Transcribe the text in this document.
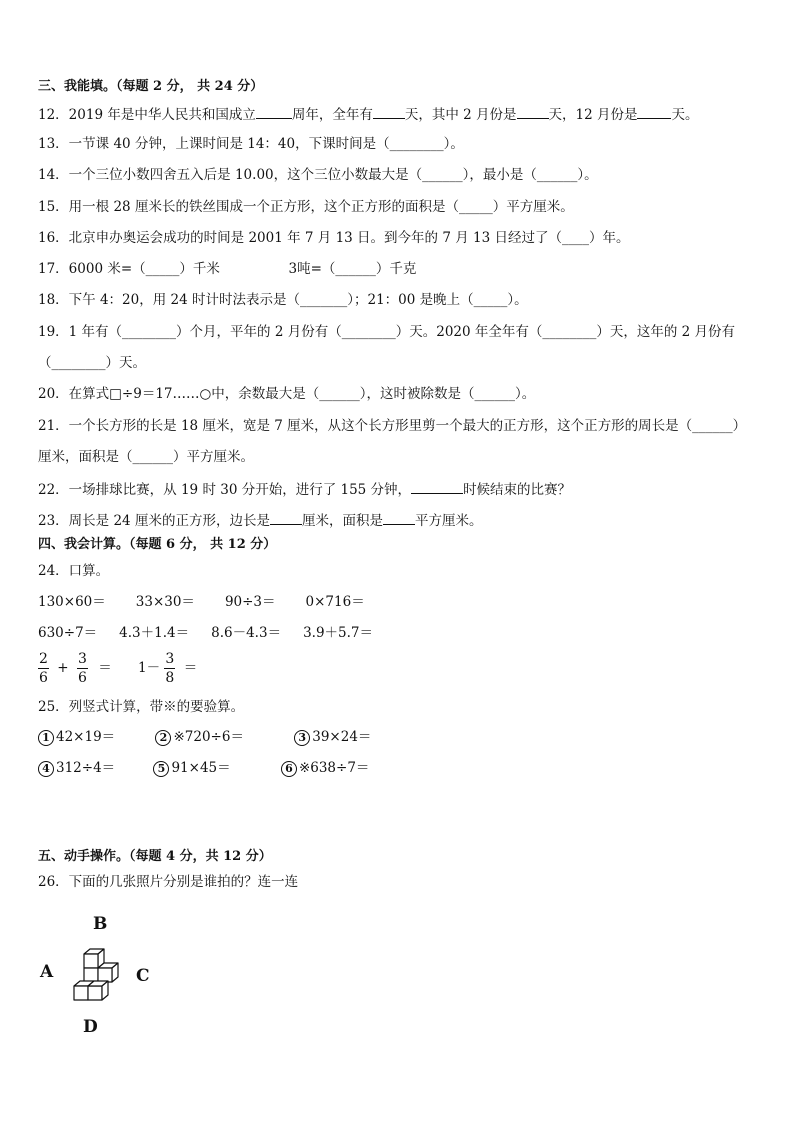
三、我能填。（每题 2 分， 共 24 分）
12．2019 年是中华人民共和国成立	周年，全年有 天，其中 2 月份是 天，12 月份是	天。
13．一节课 40 分钟，上课时间是 14：40，下课时间是（________）。
14．一个三位小数四舍五入后是 10.00，这个三位小数最大是（______），最小是（______）。
15．用一根 28 厘米长的铁丝围成一个正方形，这个正方形的面积是（_____）平方厘米。
16．北京申办奥运会成功的时间是 2001 年 7 月 13 日。到今年的 7 月 13 日经过了（____）年。
17．6000 米=（_____）千米	3吨=（______）千克
18．下午 4：20，用 24 时计时法表示是（_______）；21：00 是晚上（_____）。
19．1 年有（________）个月，平年的 2 月份有（________）天。2020 年全年有（________）天，这年的 2 月份有
（________）天。
20．在算式□÷9＝17……○中，余数最大是（______），这时被除数是（______）。
21．一个长方形的长是 18 厘米，宽是 7 厘米，从这个长方形里剪一个最大的正方形，这个正方形的周长是（______）
厘米，面积是（______）平方厘米。
22．一场排球比赛，从 19 时 30 分开始，进行了 155 分钟，	时候结束的比赛？
23．周长是 24 厘米的正方形，边长是 厘米，面积是 平方厘米。
四、我会计算。（每题 6 分， 共 12 分）
24．口算。
130×60＝ 33×30＝ 90÷3＝ 0×716＝
630÷7＝ 4.3＋1.4＝ 8.6－4.3＝ 3.9＋5.7＝
$\frac{2}{6} + \frac{3}{6} = 1- \frac{3}{8}$ ＝
25．列竖式计算，带※的要验算。
1 42×19＝	2 ※720÷6＝	3 39×24＝
4 312÷4＝	5 91×45＝	6 ※638÷7＝
五、动手操作。（每题 4 分，共 12 分）
26．下面的几张照片分别是谁拍的？连一连
B
A	C
D
